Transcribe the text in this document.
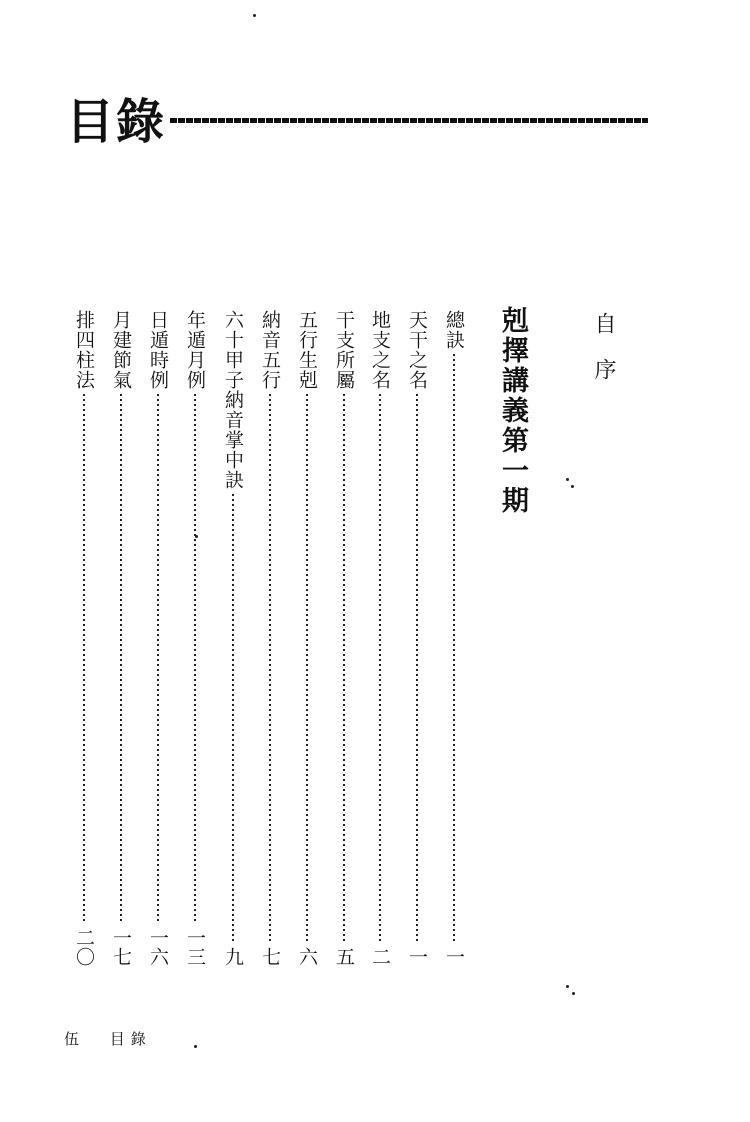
目錄
自序
剋擇講義第一期
總訣
一
天干之名
一
地支之名
二
干支所屬
五
五行生剋
六
納音五行
七
六十甲子納音掌中訣
九
年遁月例
一三
日遁時例
一六
月建節氣
一七
排四柱法
二〇
伍 目錄
